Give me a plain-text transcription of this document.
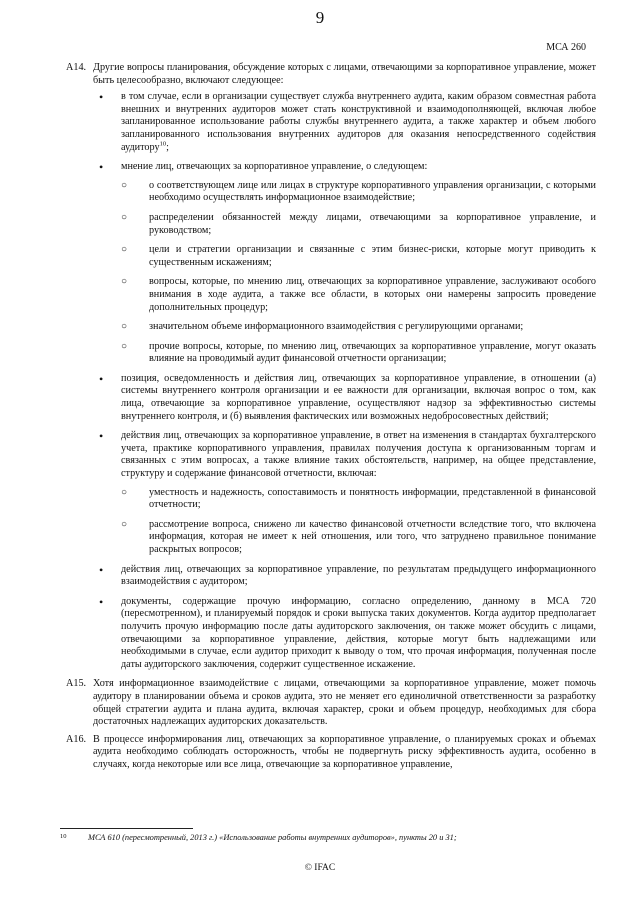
9
МСА 260
A14. Другие вопросы планирования, обсуждение которых с лицами, отвечающими за корпоративное управление, может быть целесообразно, включают следующее:
• в том случае, если в организации существует служба внутреннего аудита, каким образом совместная работа внешних и внутренних аудиторов может стать конструктивной и взаимодополняющей, включая любое запланированное использование работы службы внутреннего аудита, а также характер и объем любого запланированного использования внутренних аудиторов для оказания непосредственного содействия аудитору$^{10}$;
• мнение лиц, отвечающих за корпоративное управление, о следующем:
○ о соответствующем лице или лицах в структуре корпоративного управления организации, с которыми необходимо осуществлять информационное взаимодействие;
○ распределении обязанностей между лицами, отвечающими за корпоративное управление, и руководством;
○ цели и стратегии организации и связанные с этим бизнес-риски, которые могут приводить к существенным искажениям;
○ вопросы, которые, по мнению лиц, отвечающих за корпоративное управление, заслуживают особого внимания в ходе аудита, а также все области, в которых они намерены запросить проведение дополнительных процедур;
○ значительном объеме информационного взаимодействия с регулирующими органами;
○ прочие вопросы, которые, по мнению лиц, отвечающих за корпоративное управление, могут оказать влияние на проводимый аудит финансовой отчетности организации;
• позиция, осведомленность и действия лиц, отвечающих за корпоративное управление, в отношении (а) системы внутреннего контроля организации и ее важности для организации, включая вопрос о том, как лица, отвечающие за корпоративное управление, осуществляют надзор за эффективностью системы внутреннего контроля, и (б) выявления фактических или возможных недобросовестных действий;
• действия лиц, отвечающих за корпоративное управление, в ответ на изменения в стандартах бухгалтерского учета, практике корпоративного управления, правилах получения доступа к организованным торгам и связанных с этим вопросах, а также влияние таких обстоятельств, например, на общее представление, структуру и содержание финансовой отчетности, включая:
○ уместность и надежность, сопоставимость и понятность информации, представленной в финансовой отчетности;
○ рассмотрение вопроса, снижено ли качество финансовой отчетности вследствие того, что включена информация, которая не имеет к ней отношения, или того, что затруднено правильное понимание раскрытых вопросов;
• действия лиц, отвечающих за корпоративное управление, по результатам предыдущего информационного взаимодействия с аудитором;
• документы, содержащие прочую информацию, согласно определению, данному в МСА 720 (пересмотренном), и планируемый порядок и сроки выпуска таких документов. Когда аудитор предполагает получить прочую информацию после даты аудиторского заключения, он также может обсудить с лицами, отвечающими за корпоративное управление, действия, которые могут быть надлежащими или необходимыми в случае, если аудитор приходит к выводу о том, что прочая информация, полученная после даты аудиторского заключения, содержит существенное искажение.
A15. Хотя информационное взаимодействие с лицами, отвечающими за корпоративное управление, может помочь аудитору в планировании объема и сроков аудита, это не меняет его единоличной ответственности за разработку общей стратегии аудита и плана аудита, включая характер, сроки и объем процедур, необходимых для сбора достаточных надлежащих аудиторских доказательств.
A16. В процессе информирования лиц, отвечающих за корпоративное управление, о планируемых сроках и объемах аудита необходимо соблюдать осторожность, чтобы не подвергнуть риску эффективность аудита, особенно в случаях, когда некоторые или все лица, отвечающие за корпоративное управление,
10	МСА 610 (пересмотренный, 2013 г.) «Использование работы внутренних аудиторов», пункты 20 и 31;
© IFAC
